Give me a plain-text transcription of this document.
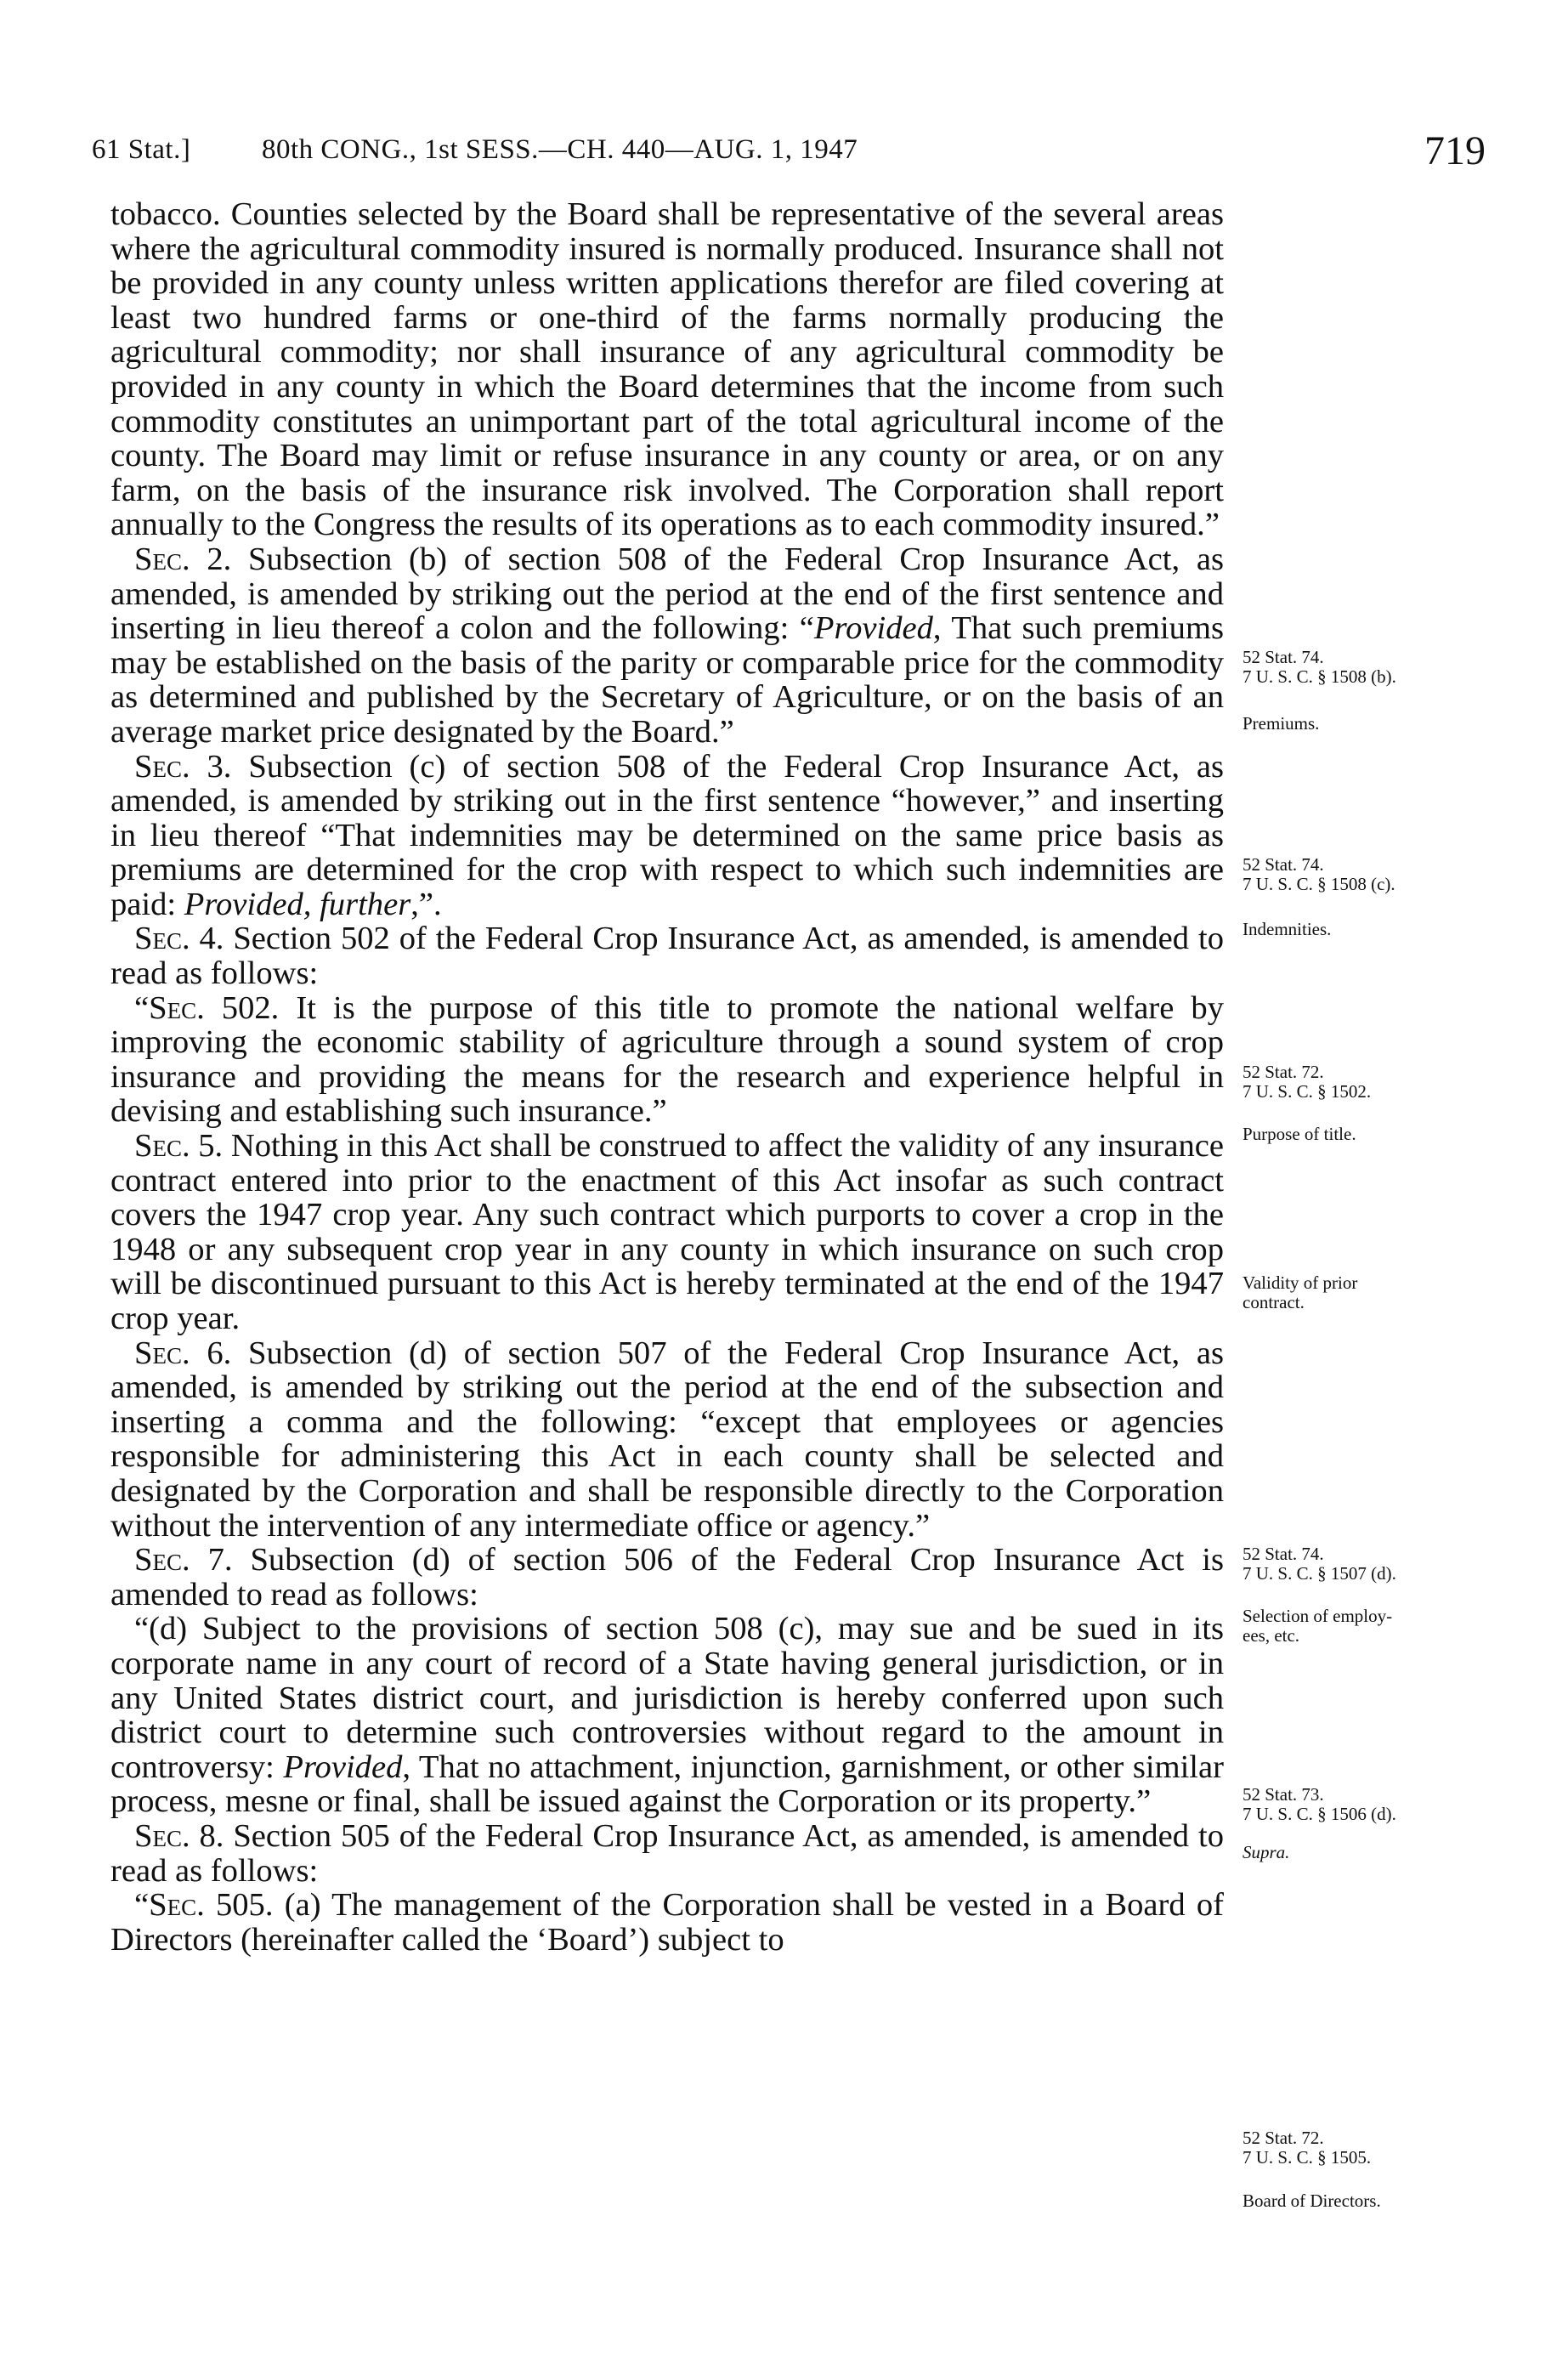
61 Stat.]	80th CONG., 1st SESS.—CH. 440—AUG. 1, 1947	719

tobacco. Counties selected by the Board shall be representative of the several areas where the agricultural commodity insured is normally produced. Insurance shall not be provided in any county unless written applications therefor are filed covering at least two hundred farms or one-third of the farms normally producing the agricultural commodity; nor shall insurance of any agricultural commodity be provided in any county in which the Board determines that the income from such commodity constitutes an unimportant part of the total agricultural income of the county. The Board may limit or refuse insurance in any county or area, or on any farm, on the basis of the insurance risk involved. The Corporation shall report annually to the Congress the results of its operations as to each commodity insured.”

Sec. 2. Subsection (b) of section 508 of the Federal Crop Insurance Act, as amended, is amended by striking out the period at the end of the first sentence and inserting in lieu thereof a colon and the following: “Provided, That such premiums may be established on the basis of the parity or comparable price for the commodity as determined and published by the Secretary of Agriculture, or on the basis of an average market price designated by the Board.”

Sec. 3. Subsection (c) of section 508 of the Federal Crop Insurance Act, as amended, is amended by striking out in the first sentence “however,” and inserting in lieu thereof “That indemnities may be determined on the same price basis as premiums are determined for the crop with respect to which such indemnities are paid: Provided, further,”.

Sec. 4. Section 502 of the Federal Crop Insurance Act, as amended, is amended to read as follows:

“Sec. 502. It is the purpose of this title to promote the national welfare by improving the economic stability of agriculture through a sound system of crop insurance and providing the means for the research and experience helpful in devising and establishing such insurance.”

Sec. 5. Nothing in this Act shall be construed to affect the validity of any insurance contract entered into prior to the enactment of this Act insofar as such contract covers the 1947 crop year. Any such contract which purports to cover a crop in the 1948 or any subsequent crop year in any county in which insurance on such crop will be discontinued pursuant to this Act is hereby terminated at the end of the 1947 crop year.

Sec. 6. Subsection (d) of section 507 of the Federal Crop Insurance Act, as amended, is amended by striking out the period at the end of the subsection and inserting a comma and the following: “except that employees or agencies responsible for administering this Act in each county shall be selected and designated by the Corporation and shall be responsible directly to the Corporation without the intervention of any intermediate office or agency.”

Sec. 7. Subsection (d) of section 506 of the Federal Crop Insurance Act is amended to read as follows:

“(d) Subject to the provisions of section 508 (c), may sue and be sued in its corporate name in any court of record of a State having general jurisdiction, or in any United States district court, and jurisdiction is hereby conferred upon such district court to determine such controversies without regard to the amount in controversy: Provided, That no attachment, injunction, garnishment, or other similar process, mesne or final, shall be issued against the Corporation or its property.”

Sec. 8. Section 505 of the Federal Crop Insurance Act, as amended, is amended to read as follows:

“Sec. 505. (a) The management of the Corporation shall be vested in a Board of Directors (hereinafter called the ‘Board’) subject to

52 Stat. 74.
7 U. S. C. § 1508 (b).
Premiums.
52 Stat. 74.
7 U. S. C. § 1508 (c).
Indemnities.
52 Stat. 72.
7 U. S. C. § 1502.
Purpose of title.
Validity of prior
contract.
52 Stat. 74.
7 U. S. C. § 1507 (d).
Selection of employ-
ees, etc.
52 Stat. 73.
7 U. S. C. § 1506 (d).
Supra.
52 Stat. 72.
7 U. S. C. § 1505.
Board of Directors.
